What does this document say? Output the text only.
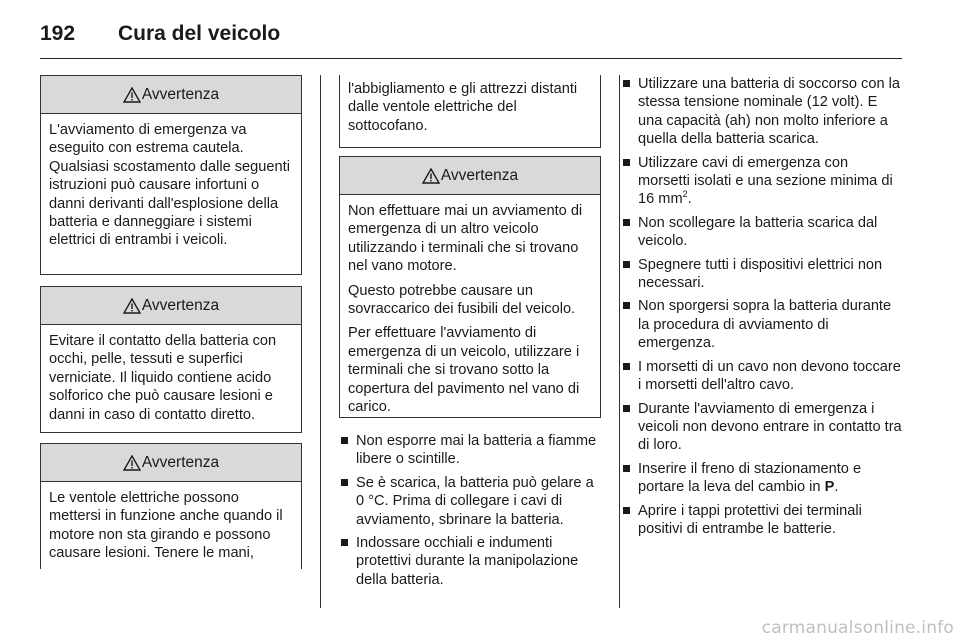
192 Cura del veicolo
Avvertenza

L'avviamento di emergenza va eseguito con estrema cautela. Qualsiasi scostamento dalle seguenti istruzioni può causare infortuni o danni derivanti dall'esplosione della batteria e danneggiare i sistemi elettrici di entrambi i veicoli.

Avvertenza

Evitare il contatto della batteria con occhi, pelle, tessuti e superfici verniciate. Il liquido contiene acido solforico che può causare lesioni e danni in caso di contatto diretto.

Avvertenza

Le ventole elettriche possono mettersi in funzione anche quando il motore non sta girando e possono causare lesioni. Tenere le mani,

l'abbigliamento e gli attrezzi distanti dalle ventole elettriche del sottocofano.

Avvertenza

Non effettuare mai un avviamento di emergenza di un altro veicolo utilizzando i terminali che si trovano nel vano motore.

Questo potrebbe causare un sovraccarico dei fusibili del veicolo.

Per effettuare l'avviamento di emergenza di un veicolo, utilizzare i terminali che si trovano sotto la copertura del pavimento nel vano di carico.

Non esporre mai la batteria a fiamme libere o scintille.
Se è scarica, la batteria può gelare a 0 °C. Prima di collegare i cavi di avviamento, sbrinare la batteria.
Indossare occhiali e indumenti protettivi durante la manipolazione della batteria.
Utilizzare una batteria di soccorso con la stessa tensione nominale (12 volt). E una capacità (ah) non molto inferiore a quella della batteria scarica.
Utilizzare cavi di emergenza con morsetti isolati e una sezione minima di 16 $mm^2$.
Non scollegare la batteria scarica dal veicolo.
Spegnere tutti i dispositivi elettrici non necessari.
Non sporgersi sopra la batteria durante la procedura di avviamento di emergenza.
I morsetti di un cavo non devono toccare i morsetti dell'altro cavo.
Durante l'avviamento di emergenza i veicoli non devono entrare in contatto tra di loro.
Inserire il freno di stazionamento e portare la leva del cambio in P.
Aprire i tappi protettivi dei terminali positivi di entrambe le batterie.
carmanualsonline.info
